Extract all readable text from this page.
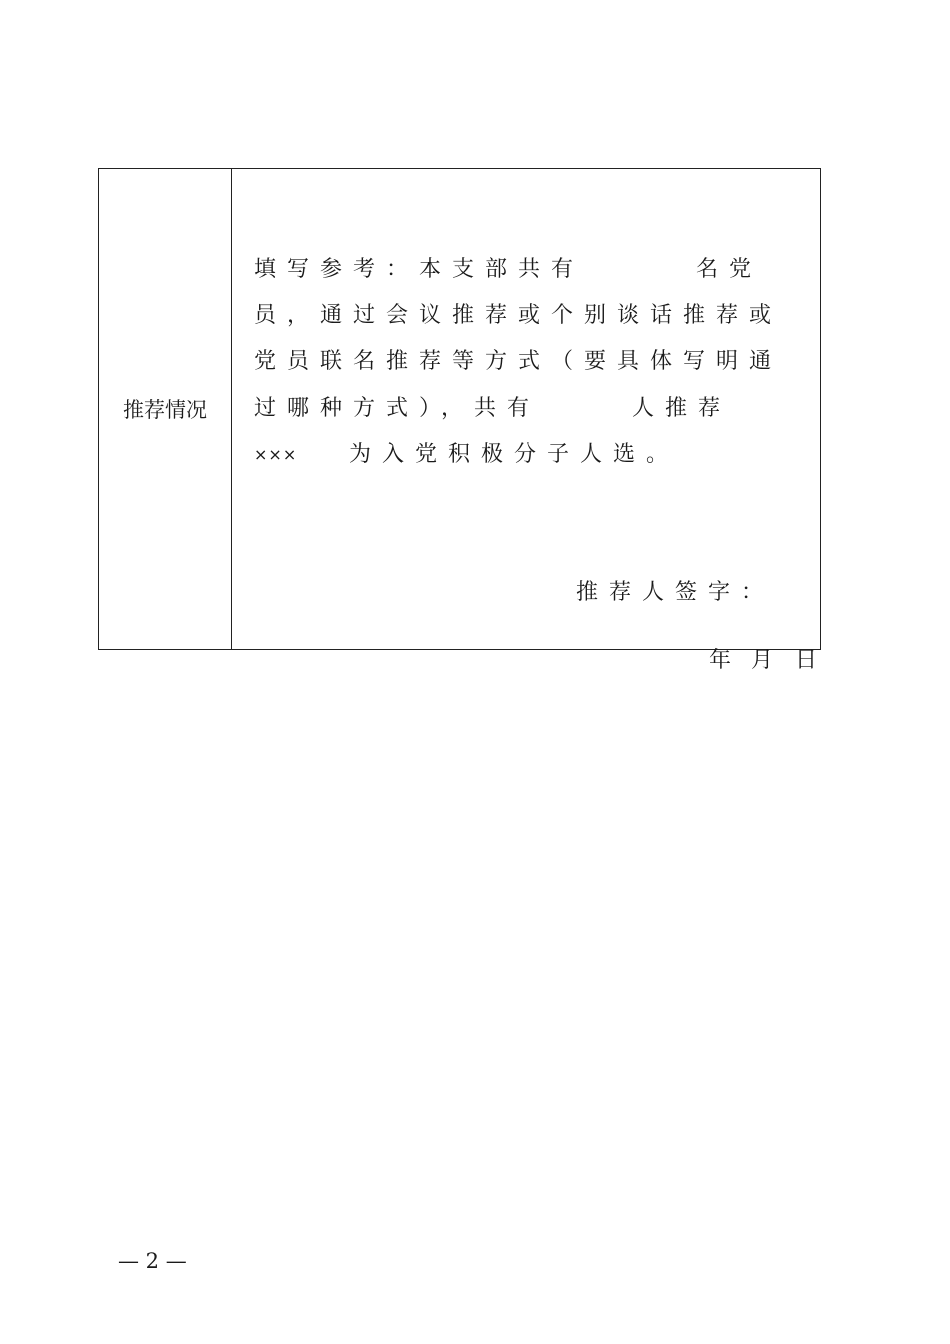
推荐情况
填写参考：本支部共有	名党
员，通过会议推荐或个别谈话推荐或
党员联名推荐等方式（要具体写明通
过哪种方式），共有	人推荐
××× 为入党积极分子人选。
推荐人签字：

年 月 日

— 2 —
